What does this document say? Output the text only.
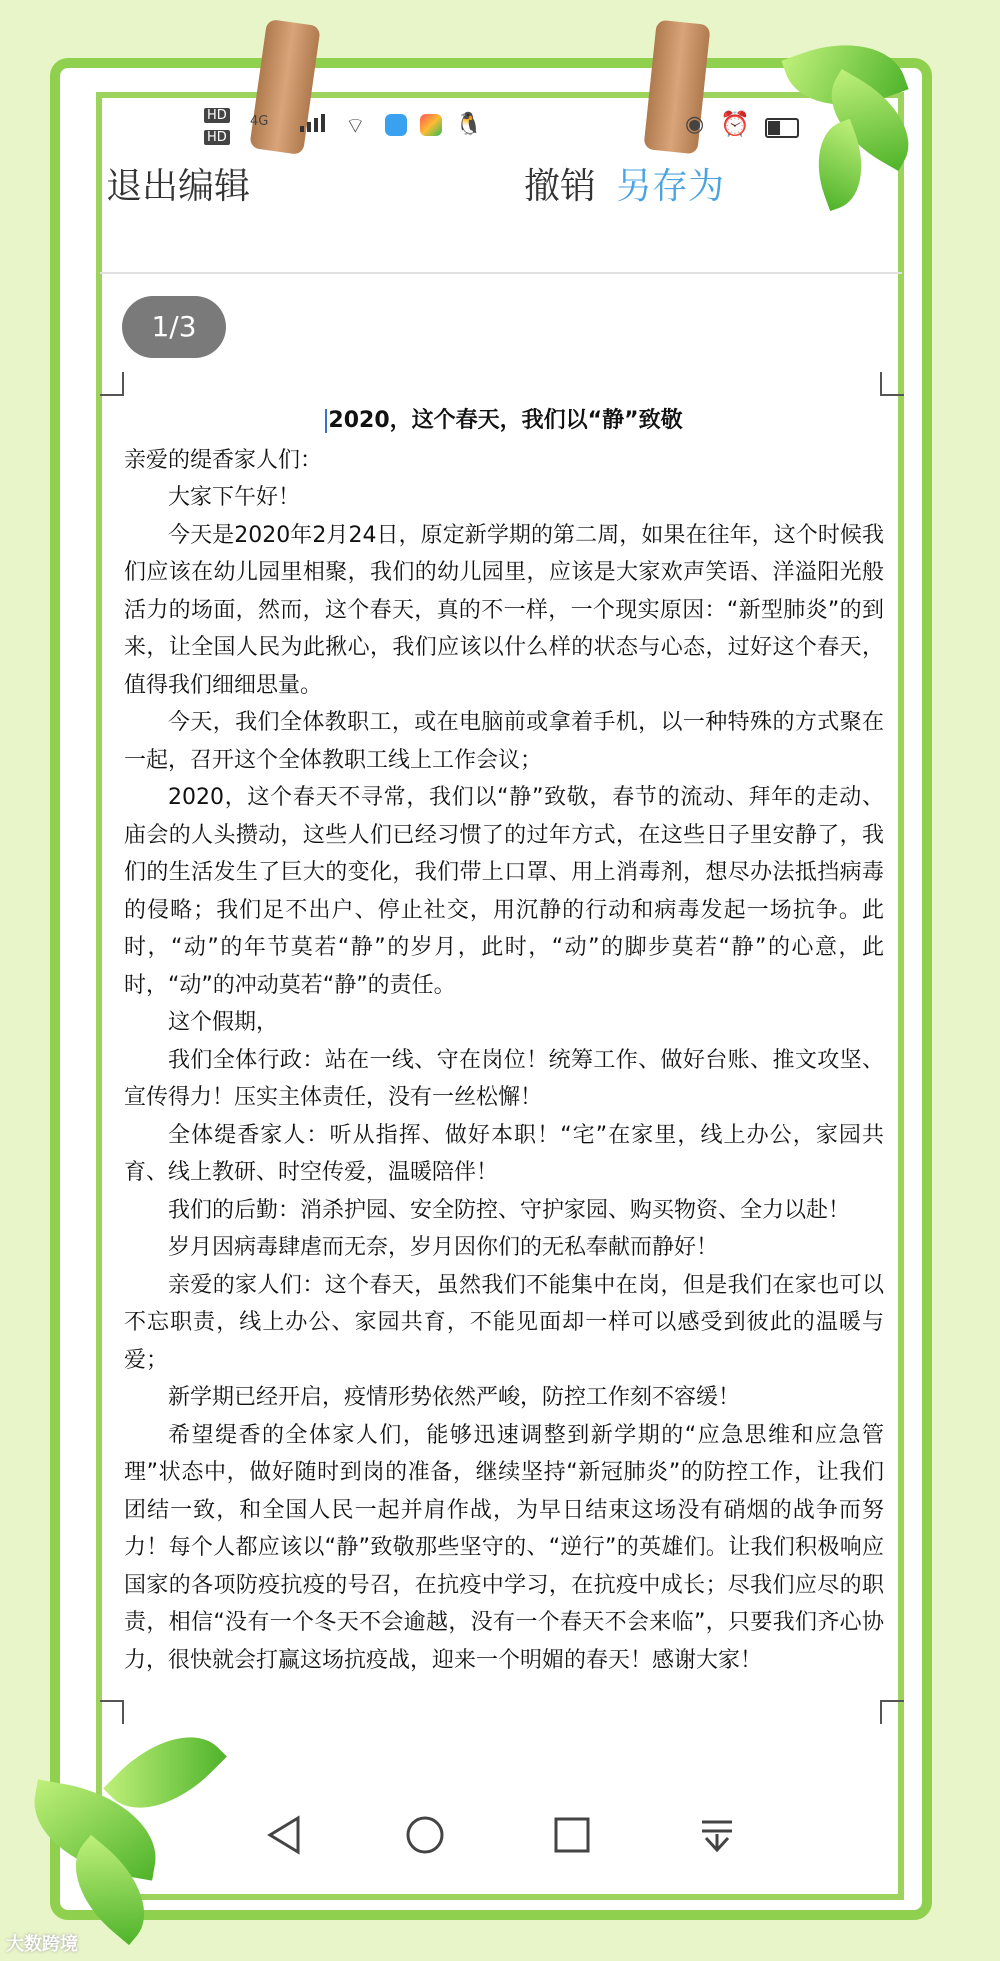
HD
HD
4G	⌔	🐧	◉ ⏰
退出编辑	撤销 另存为
1/3
2020，这个春天，我们以“静”致敬

亲爱的缇香家人们：

大家下午好！

今天是2020年2月24日，原定新学期的第二周，如果在往年，这个时候我们应该在幼儿园里相聚，我们的幼儿园里，应该是大家欢声笑语、洋溢阳光般活力的场面，然而，这个春天，真的不一样，一个现实原因：“新型肺炎”的到来，让全国人民为此揪心，我们应该以什么样的状态与心态，过好这个春天，值得我们细细思量。

今天，我们全体教职工，或在电脑前或拿着手机，以一种特殊的方式聚在一起，召开这个全体教职工线上工作会议；

2020，这个春天不寻常，我们以“静”致敬，春节的流动、拜年的走动、庙会的人头攒动，这些人们已经习惯了的过年方式，在这些日子里安静了，我们的生活发生了巨大的变化，我们带上口罩、用上消毒剂，想尽办法抵挡病毒的侵略；我们足不出户、停止社交，用沉静的行动和病毒发起一场抗争。此时，“动”的年节莫若“静”的岁月，此时，“动”的脚步莫若“静”的心意，此时，“动”的冲动莫若“静”的责任。

这个假期，

我们全体行政：站在一线、守在岗位！统筹工作、做好台账、推文攻坚、宣传得力！压实主体责任，没有一丝松懈！

全体缇香家人：听从指挥、做好本职！“宅”在家里，线上办公，家园共育、线上教研、时空传爱，温暖陪伴！

我们的后勤：消杀护园、安全防控、守护家园、购买物资、全力以赴！

岁月因病毒肆虐而无奈，岁月因你们的无私奉献而静好！

亲爱的家人们：这个春天，虽然我们不能集中在岗，但是我们在家也可以不忘职责，线上办公、家园共育，不能见面却一样可以感受到彼此的温暖与爱；

新学期已经开启，疫情形势依然严峻，防控工作刻不容缓！

希望缇香的全体家人们，能够迅速调整到新学期的“应急思维和应急管理”状态中，做好随时到岗的准备，继续坚持“新冠肺炎”的防控工作，让我们团结一致，和全国人民一起并肩作战，为早日结束这场没有硝烟的战争而努力！每个人都应该以“静”致敬那些坚守的、“逆行”的英雄们。让我们积极响应国家的各项防疫抗疫的号召，在抗疫中学习，在抗疫中成长；尽我们应尽的职责，相信“没有一个冬天不会逾越，没有一个春天不会来临”，只要我们齐心协力，很快就会打赢这场抗疫战，迎来一个明媚的春天！感谢大家！

大数跨境
